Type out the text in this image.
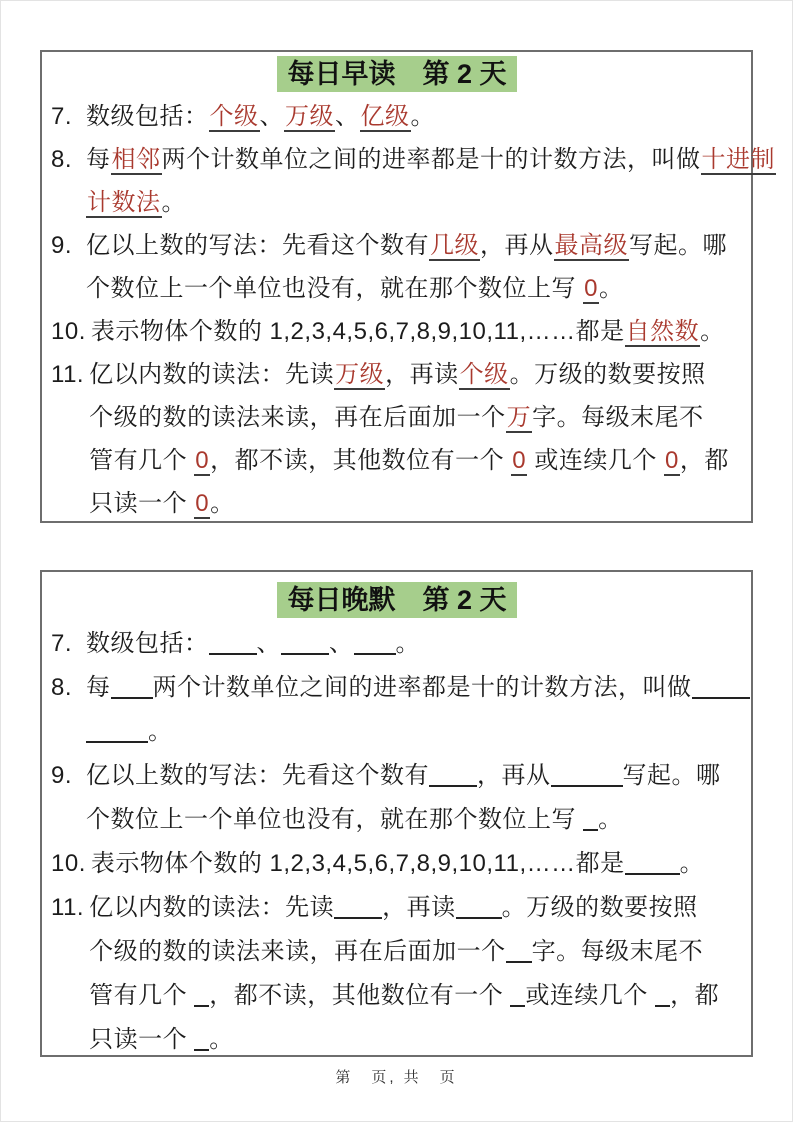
每日早读　第 2 天
7. 数级包括：个级、万级、亿级。
8. 每相邻两个计数单位之间的进率都是十的计数方法，叫做十进制
计数法。
9. 亿以上数的写法：先看这个数有几级，再从最高级写起。哪
个数位上一个单位也没有，就在那个数位上写 0。
10. 表示物体个数的 1,2,3,4,5,6,7,8,9,10,11,……都是自然数。
11. 亿以内数的读法：先读万级，再读个级。万级的数要按照
个级的数的读法来读，再在后面加一个万字。每级末尾不
管有几个 0，都不读，其他数位有一个 0 或连续几个 0，都
只读一个 0。
每日晚默　第 2 天
7. 数级包括： 、 、 。
8. 每 两个计数单位之间的进率都是十的计数方法，叫做
。
9. 亿以上数的写法：先看这个数有 ，再从	写起。哪
个数位上一个单位也没有，就在那个数位上写 。
10. 表示物体个数的 1,2,3,4,5,6,7,8,9,10,11,……都是 。
11. 亿以内数的读法：先读 ，再读 。万级的数要按照
个级的数的读法来读，再在后面加一个 字。每级末尾不
管有几个 ，都不读，其他数位有一个 或连续几个 ，都
只读一个 。
第　页, 共　页
